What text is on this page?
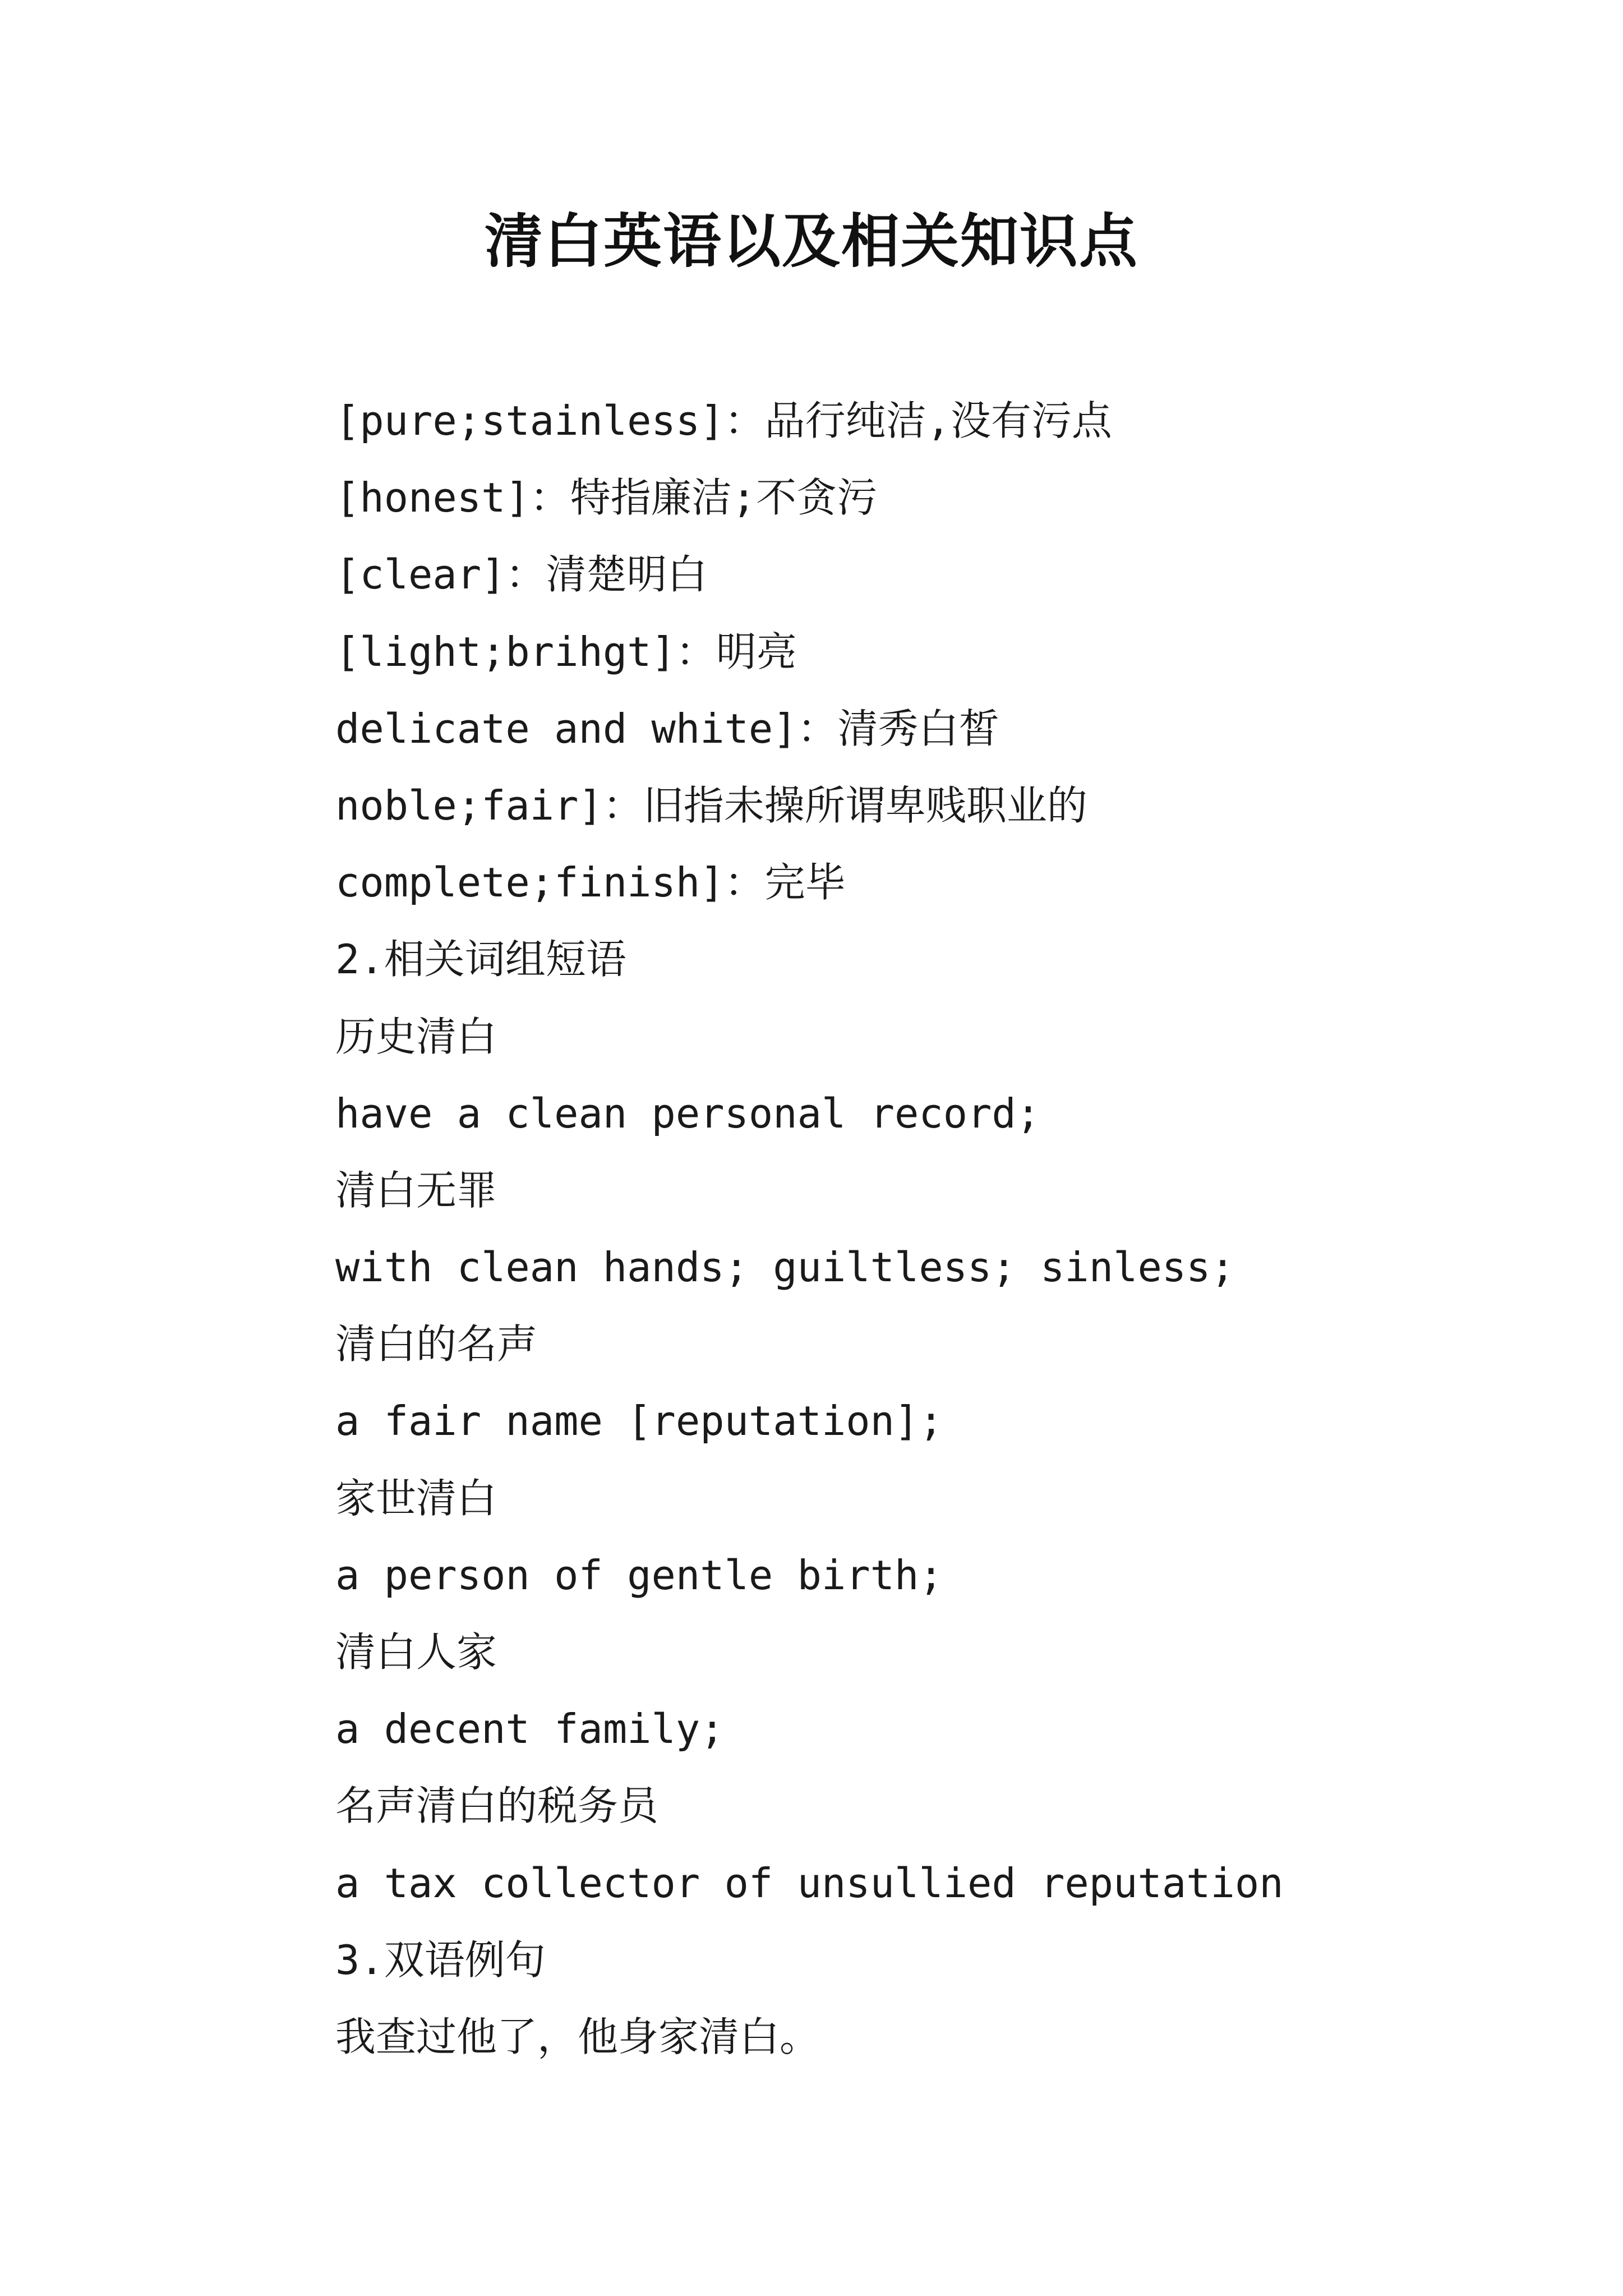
清白英语以及相关知识点
[pure;stainless]：品行纯洁,没有污点
[honest]：特指廉洁;不贪污
[clear]：清楚明白
[light;brihgt]：明亮
delicate and white]：清秀白皙
noble;fair]：旧指未操所谓卑贱职业的
complete;finish]：完毕
2.相关词组短语
历史清白
have a clean personal record;
清白无罪
with clean hands; guiltless; sinless;
清白的名声
a fair name [reputation];
家世清白
a person of gentle birth;
清白人家
a decent family;
名声清白的税务员
a tax collector of unsullied reputation
3.双语例句
我查过他了，他身家清白。
